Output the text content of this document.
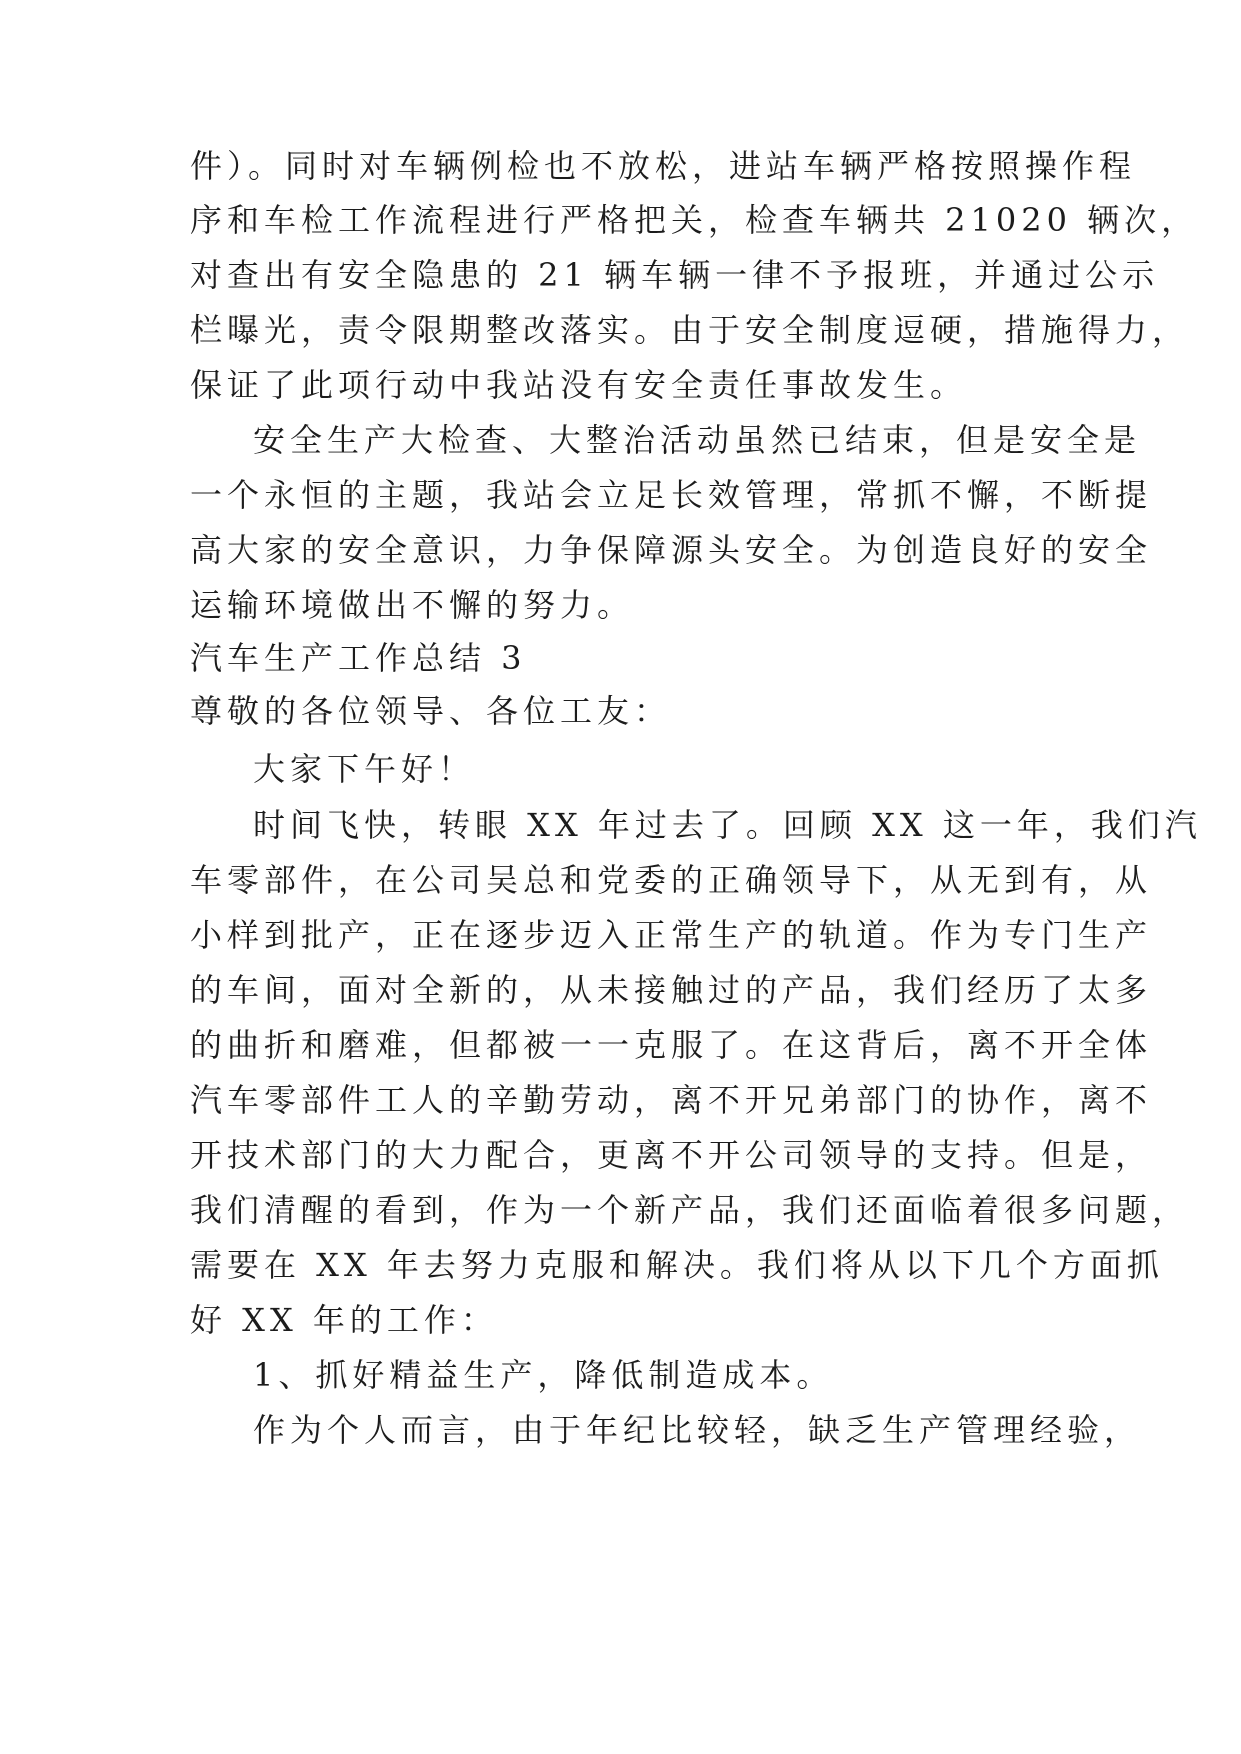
件）。同时对车辆例检也不放松，进站车辆严格按照操作程
序和车检工作流程进行严格把关，检查车辆共 21020 辆次，
对查出有安全隐患的 21 辆车辆一律不予报班，并通过公示
栏曝光，责令限期整改落实。由于安全制度逗硬，措施得力，
保证了此项行动中我站没有安全责任事故发生。
安全生产大检查、大整治活动虽然已结束，但是安全是
一个永恒的主题，我站会立足长效管理，常抓不懈，不断提
高大家的安全意识，力争保障源头安全。为创造良好的安全
运输环境做出不懈的努力。
汽车生产工作总结 3
尊敬的各位领导、各位工友：
大家下午好！
时间飞快，转眼 XX 年过去了。回顾 XX 这一年，我们汽
车零部件，在公司吴总和党委的正确领导下，从无到有，从
小样到批产，正在逐步迈入正常生产的轨道。作为专门生产
的车间，面对全新的，从未接触过的产品，我们经历了太多
的曲折和磨难，但都被一一克服了。在这背后，离不开全体
汽车零部件工人的辛勤劳动，离不开兄弟部门的协作，离不
开技术部门的大力配合，更离不开公司领导的支持。但是，
我们清醒的看到，作为一个新产品，我们还面临着很多问题，
需要在 XX 年去努力克服和解决。我们将从以下几个方面抓
好 XX 年的工作：
1、抓好精益生产，降低制造成本。
作为个人而言，由于年纪比较轻，缺乏生产管理经验，
